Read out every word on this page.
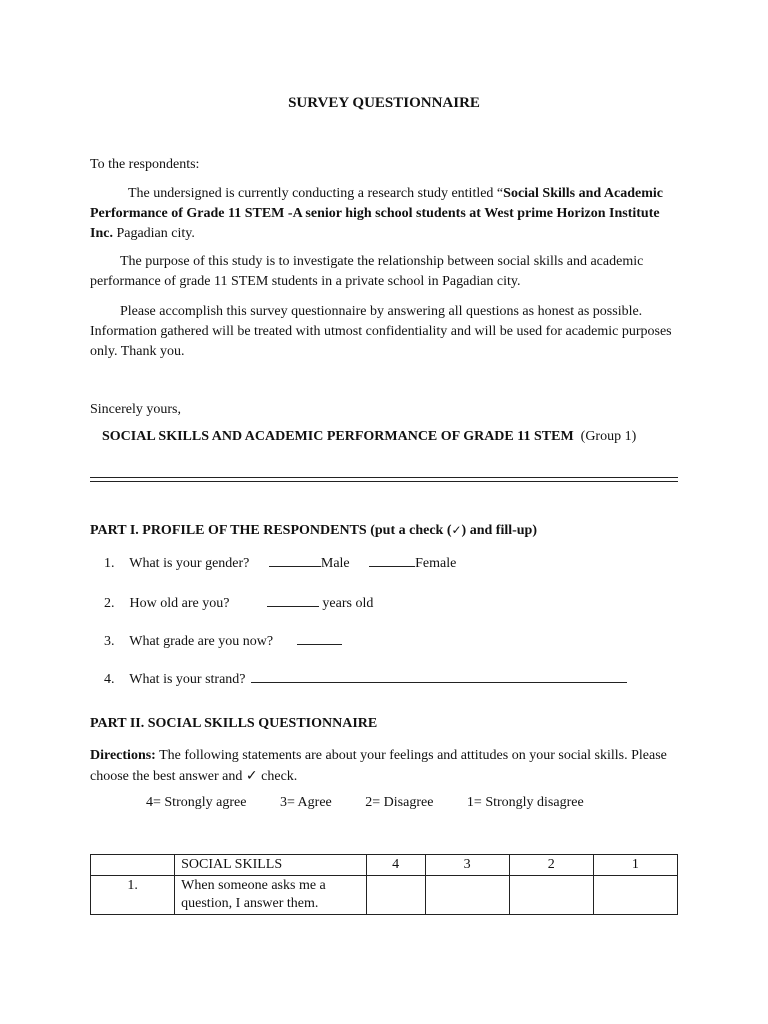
SURVEY QUESTIONNAIRE
To the respondents:
The undersigned is currently conducting a research study entitled “Social Skills and Academic Performance of Grade 11 STEM -A senior high school students at West prime Horizon Institute Inc. Pagadian city.
The purpose of this study is to investigate the relationship between social skills and academic performance of grade 11 STEM students in a private school in Pagadian city.
Please accomplish this survey questionnaire by answering all questions as honest as possible. Information gathered will be treated with utmost confidentiality and will be used for academic purposes only. Thank you.
Sincerely yours,
SOCIAL SKILLS AND ACADEMIC PERFORMANCE OF GRADE 11 STEM (Group 1)
PART I. PROFILE OF THE RESPONDENTS (put a check (✓) and fill-up)
1. What is your gender?	Male	Female
2. How old are you?	years old
3. What grade are you now?
4. What is your strand?
PART II. SOCIAL SKILLS QUESTIONNAIRE
Directions: The following statements are about your feelings and attitudes on your social skills. Please choose the best answer and ✓ check.
4= Strongly agree 3= Agree 2= Disagree 1= Strongly disagree
	SOCIAL SKILLS	4	3	2	1
1.	When someone asks me a question, I answer them.				
